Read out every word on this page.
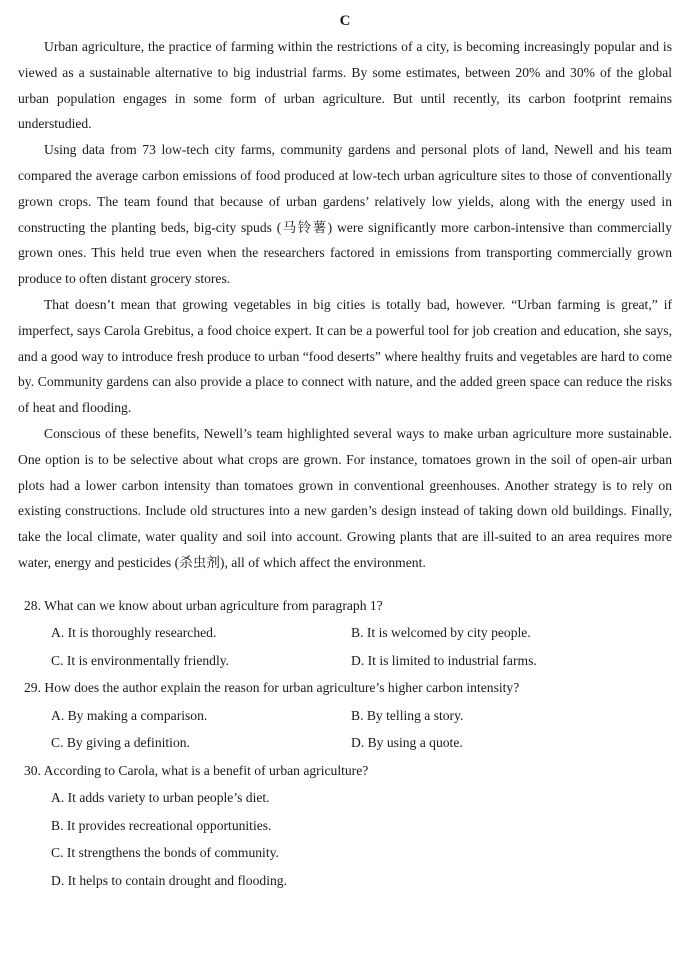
C

Urban agriculture, the practice of farming within the restrictions of a city, is becoming increasingly popular and is viewed as a sustainable alternative to big industrial farms. By some estimates, between 20% and 30% of the global urban population engages in some form of urban agriculture. But until recently, its carbon footprint remains understudied.

Using data from 73 low-tech city farms, community gardens and personal plots of land, Newell and his team compared the average carbon emissions of food produced at low-tech urban agriculture sites to those of conventionally grown crops. The team found that because of urban gardens’ relatively low yields, along with the energy used in constructing the planting beds, big-city spuds (马铃薯) were significantly more carbon-intensive than commercially grown ones. This held true even when the researchers factored in emissions from transporting commercially grown produce to often distant grocery stores.

That doesn’t mean that growing vegetables in big cities is totally bad, however. “Urban farming is great,” if imperfect, says Carola Grebitus, a food choice expert. It can be a powerful tool for job creation and education, she says, and a good way to introduce fresh produce to urban “food deserts” where healthy fruits and vegetables are hard to come by. Community gardens can also provide a place to connect with nature, and the added green space can reduce the risks of heat and flooding.

Conscious of these benefits, Newell’s team highlighted several ways to make urban agriculture more sustainable. One option is to be selective about what crops are grown. For instance, tomatoes grown in the soil of open-air urban plots had a lower carbon intensity than tomatoes grown in conventional greenhouses. Another strategy is to rely on existing constructions. Include old structures into a new garden’s design instead of taking down old buildings. Finally, take the local climate, water quality and soil into account. Growing plants that are ill-suited to an area requires more water, energy and pesticides (杀虫剂), all of which affect the environment.

28. What can we know about urban agriculture from paragraph 1?
A. It is thoroughly researched.	B. It is welcomed by city people.
C. It is environmentally friendly.	D. It is limited to industrial farms.
29. How does the author explain the reason for urban agriculture’s higher carbon intensity?
A. By making a comparison.	B. By telling a story.
C. By giving a definition.	D. By using a quote.
30. According to Carola, what is a benefit of urban agriculture?
A. It adds variety to urban people’s diet.
B. It provides recreational opportunities.
C. It strengthens the bonds of community.
D. It helps to contain drought and flooding.
